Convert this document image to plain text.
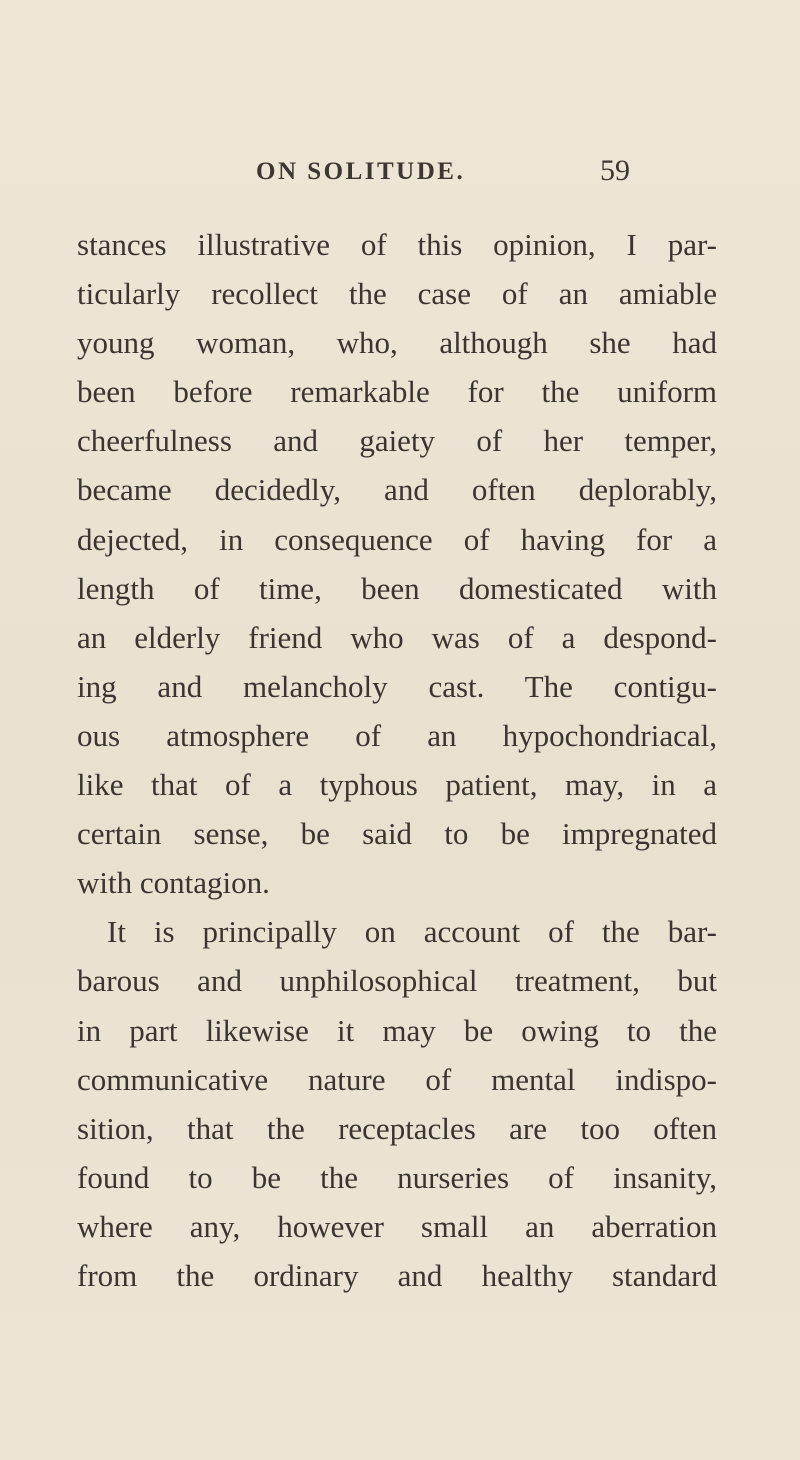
ON SOLITUDE.	59
stances illustrative of this opinion, I par-
ticularly recollect the case of an amiable
young woman, who, although she had
been before remarkable for the uniform
cheerfulness and gaiety of her temper,
became decidedly, and often deplorably,
dejected, in consequence of having for a
length of time, been domesticated with
an elderly friend who was of a despond-
ing and melancholy cast. The contigu-
ous atmosphere of an hypochondriacal,
like that of a typhous patient, may, in a
certain sense, be said to be impregnated
with contagion.
It is principally on account of the bar-
barous and unphilosophical treatment, but
in part likewise it may be owing to the
communicative nature of mental indispo-
sition, that the receptacles are too often
found to be the nurseries of insanity,
where any, however small an aberration
from the ordinary and healthy standard
